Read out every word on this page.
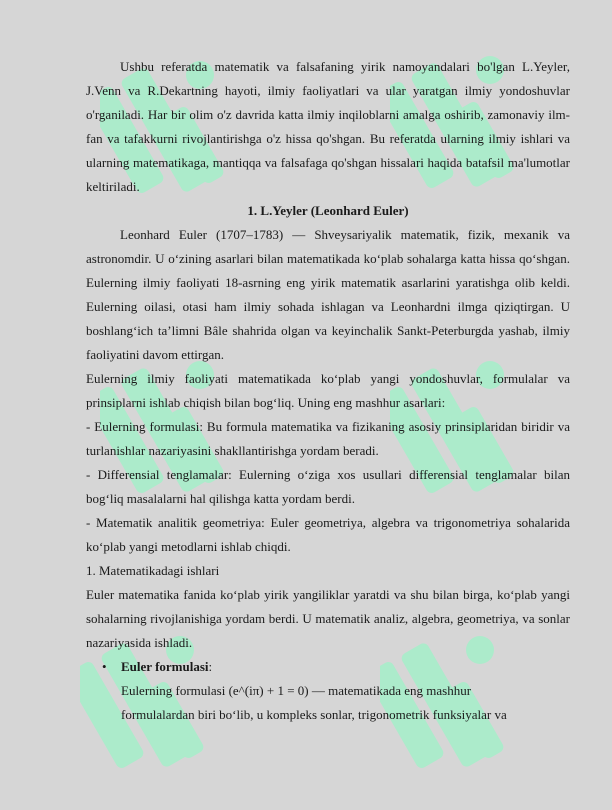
Ushbu referatda matematik va falsafaning yirik namoyandalari bo'lgan L.Yeyler, J.Venn va R.Dekartning hayoti, ilmiy faoliyatlari va ular yaratgan ilmiy yondoshuvlar o'rganiladi. Har bir olim o'z davrida katta ilmiy inqiloblarni amalga oshirib, zamonaviy ilm-fan va tafakkurni rivojlantirishga o'z hissa qo'shgan. Bu referatda ularning ilmiy ishlari va ularning matematikaga, mantiqqa va falsafaga qo'shgan hissalari haqida batafsil ma'lumotlar keltiriladi.

1. L.Yeyler (Leonhard Euler)

Leonhard Euler (1707–1783) — Shveysariyalik matematik, fizik, mexanik va astronomdir. U o‘zining asarlari bilan matematikada ko‘plab sohalarga katta hissa qo‘shgan. Eulerning ilmiy faoliyati 18-asrning eng yirik matematik asarlarini yaratishga olib keldi. Eulerning oilasi, otasi ham ilmiy sohada ishlagan va Leonhardni ilmga qiziqtirgan. U boshlang‘ich ta’limni Bâle shahrida olgan va keyinchalik Sankt-Peterburgda yashab, ilmiy faoliyatini davom ettirgan.

Eulerning ilmiy faoliyati matematikada ko‘plab yangi yondoshuvlar, formulalar va prinsiplarni ishlab chiqish bilan bog‘liq. Uning eng mashhur asarlari:

- Eulerning formulasi: Bu formula matematika va fizikaning asosiy prinsiplaridan biridir va turlanishlar nazariyasini shakllantirishga yordam beradi.

- Differensial tenglamalar: Eulerning o‘ziga xos usullari differensial tenglamalar bilan bog‘liq masalalarni hal qilishga katta yordam berdi.

- Matematik analitik geometriya: Euler geometriya, algebra va trigonometriya sohalarida ko‘plab yangi metodlarni ishlab chiqdi.

1. Matematikadagi ishlari

Euler matematika fanida ko‘plab yirik yangiliklar yaratdi va shu bilan birga, ko‘plab yangi sohalarning rivojlanishiga yordam berdi. U matematik analiz, algebra, geometriya, va sonlar nazariyasida ishladi.

• Euler formulasi:
Eulerning formulasi (e^(iπ) + 1 = 0) — matematikada eng mashhur
formulalardan biri bo‘lib, u kompleks sonlar, trigonometrik funksiyalar va
